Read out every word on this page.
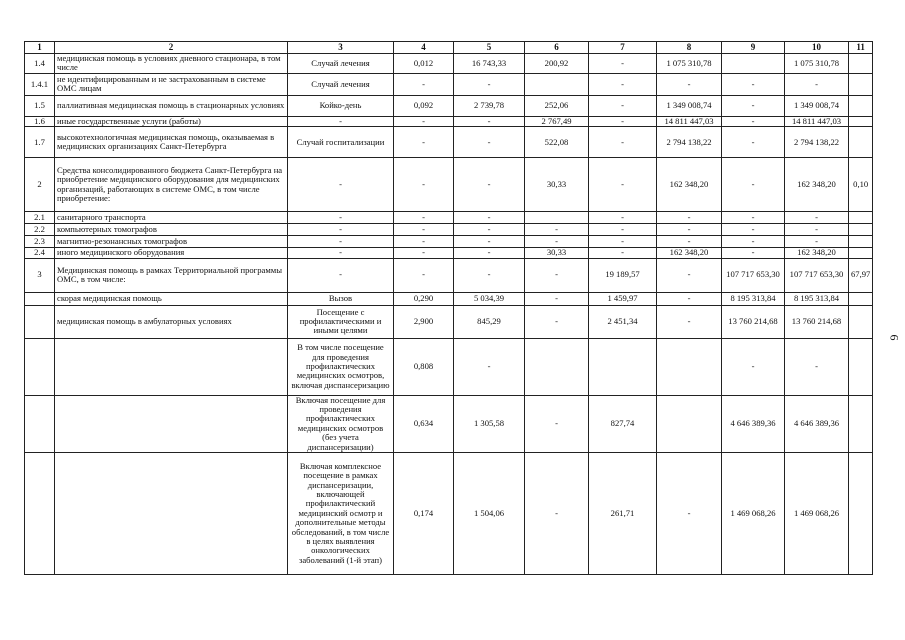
1	2	3	4	5	6	7	8	9	10	11
1.4	медицинская помощь в условиях дневного стационара, в том числе	Случай лечения	0,012	16 743,33	200,92	-	1 075 310,78		1 075 310,78	
1.4.1	не идентифицированным и не застрахованным в системе ОМС лицам	Случай лечения	-	-		-	-	-	-	
1.5	паллиативная медицинская помощь в стационарных условиях	Койко-день	0,092	2 739,78	252,06	-	1 349 008,74	-	1 349 008,74	
1.6	иные государственные услуги (работы)	-	-	-	2 767,49	-	14 811 447,03	-	14 811 447,03	
1.7	высокотехнологичная медицинская помощь, оказываемая в медицинских организациях Санкт-Петербурга	Случай госпитализации	-	-	522,08	-	2 794 138,22	-	2 794 138,22	
2	Средства консолидированного бюджета Санкт-Петербурга на приобретение медицинского оборудования для медицинских организаций, работающих в системе ОМС, в том числе приобретение:	-	-	-	30,33	-	162 348,20	-	162 348,20	0,10
2.1	санитарного транспорта	-	-	-		-	-	-	-	
2.2	компьютерных томографов	-	-	-	-	-	-	-	-	
2.3	магнитно-резонансных томографов	-	-	-	-	-	-	-	-	
2.4	иного медицинского оборудования	-	-	-	30,33	-	162 348,20	-	162 348,20	
3	Медицинская помощь в рамках Территориальной программы ОМС, в том числе:	-	-	-	-	19 189,57	-	107 717 653,30	107 717 653,30	67,97
	скорая медицинская помощь	Вызов	0,290	5 034,39	-	1 459,97	-	8 195 313,84	8 195 313,84	
	медицинская помощь в амбулаторных условиях	Посещение с профилактическими и иными целями	2,900	845,29	-	2 451,34	-	13 760 214,68	13 760 214,68	
		В том числе посещение для проведения профилактических медицинских осмотров, включая диспансеризацию	0,808	-				-	-	
		Включая посещение для проведения профилактических медицинских осмотров (без учета диспансеризации)	0,634	1 305,58	-	827,74		4 646 389,36	4 646 389,36	
		Включая комплексное посещение в рамках диспансеризации, включающей профилактический медицинский осмотр и дополнительные методы обследований, в том числе в целях выявления онкологических заболеваний (1-й этап)	0,174	1 504,06	-	261,71	-	1 469 068,26	1 469 068,26	
6
